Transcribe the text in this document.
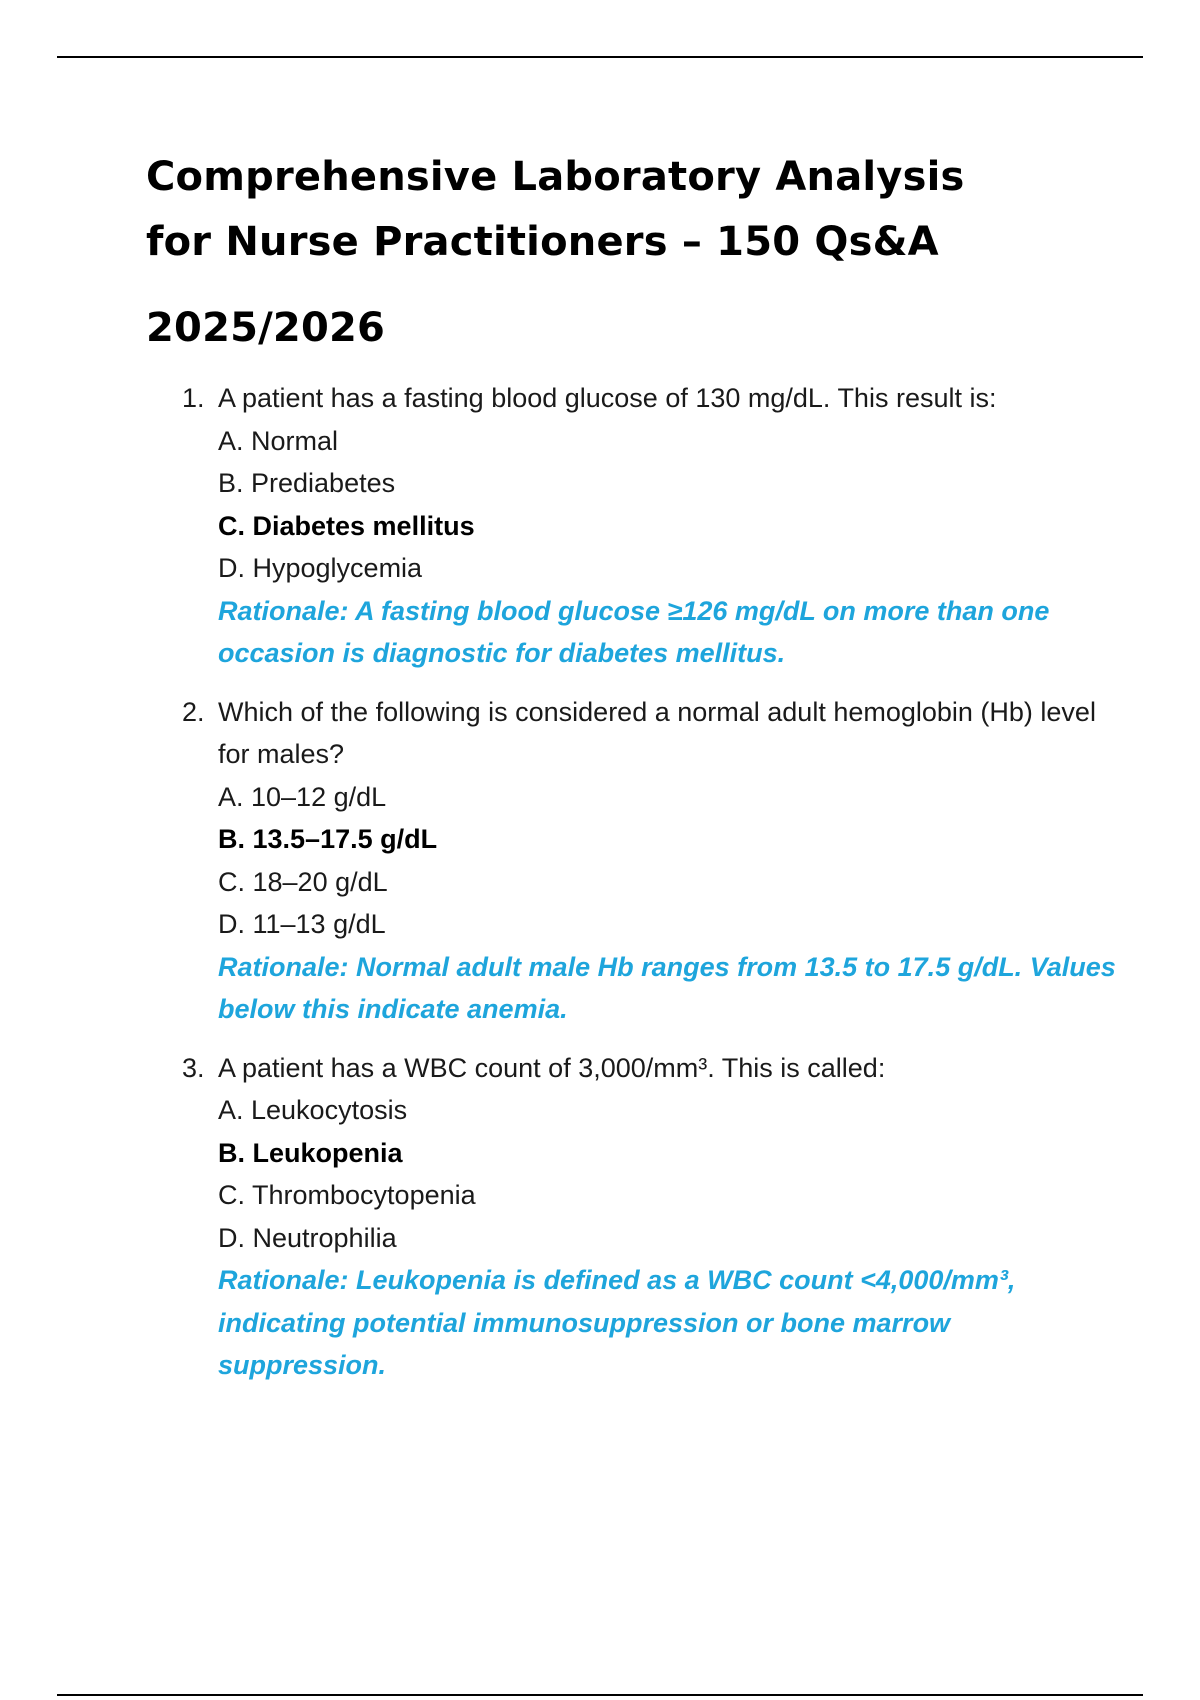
Comprehensive Laboratory Analysis
for Nurse Practitioners – 150 Qs&A
2025/2026
1. A patient has a fasting blood glucose of 130 mg/dL. This result is:

A. Normal

B. Prediabetes

C. Diabetes mellitus

D. Hypoglycemia

Rationale: A fasting blood glucose ≥126 mg/dL on more than one occasion is diagnostic for diabetes mellitus.

2. Which of the following is considered a normal adult hemoglobin (Hb) level for males?

A. 10–12 g/dL

B. 13.5–17.5 g/dL

C. 18–20 g/dL

D. 11–13 g/dL

Rationale: Normal adult male Hb ranges from 13.5 to 17.5 g/dL. Values below this indicate anemia.

3. A patient has a WBC count of 3,000/mm³. This is called:

A. Leukocytosis

B. Leukopenia

C. Thrombocytopenia

D. Neutrophilia

Rationale: Leukopenia is defined as a WBC count <4,000/mm³, indicating potential immunosuppression or bone marrow suppression.
